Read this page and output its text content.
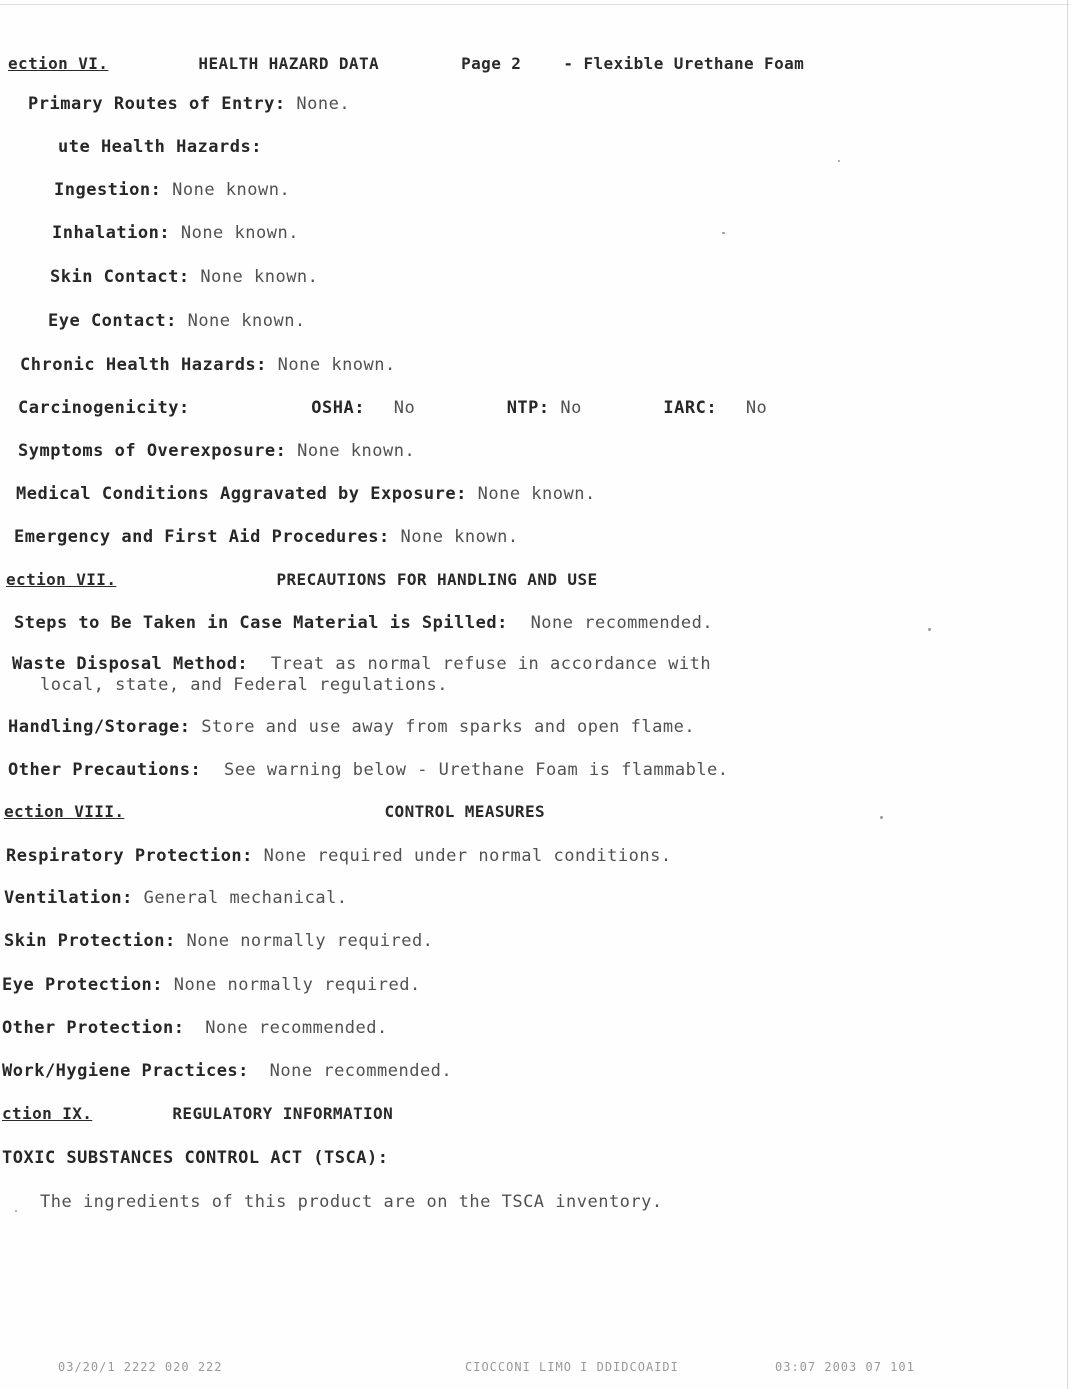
ection VI.	HEALTH HAZARD DATA	Page 2	- Flexible Urethane Foam
Primary Routes of Entry: None.
ute Health Hazards:
Ingestion: None known.
Inhalation: None known.
Skin Contact: None known.
Eye Contact: None known.
Chronic Health Hazards: None known.
Carcinogenicity:	OSHA: No	NTP: No	IARC: No
Symptoms of Overexposure: None known.
Medical Conditions Aggravated by Exposure: None known.
Emergency and First Aid Procedures: None known.
ection VII.	PRECAUTIONS FOR HANDLING AND USE
Steps to Be Taken in Case Material is Spilled: None recommended.
Waste Disposal Method: Treat as normal refuse in accordance with
local, state, and Federal regulations.
Handling/Storage: Store and use away from sparks and open flame.
Other Precautions: See warning below - Urethane Foam is flammable.
ection VIII.	CONTROL MEASURES
Respiratory Protection: None required under normal conditions.
Ventilation: General mechanical.
Skin Protection: None normally required.
Eye Protection: None normally required.
Other Protection: None recommended.
Work/Hygiene Practices: None recommended.
ction IX.	REGULATORY INFORMATION
TOXIC SUBSTANCES CONTROL ACT (TSCA):
The ingredients of this product are on the TSCA inventory.
03/20/1 2222 020 222	CIOCCONI LIMO I DDIDCOAIDI	03:07 2003 07 101
